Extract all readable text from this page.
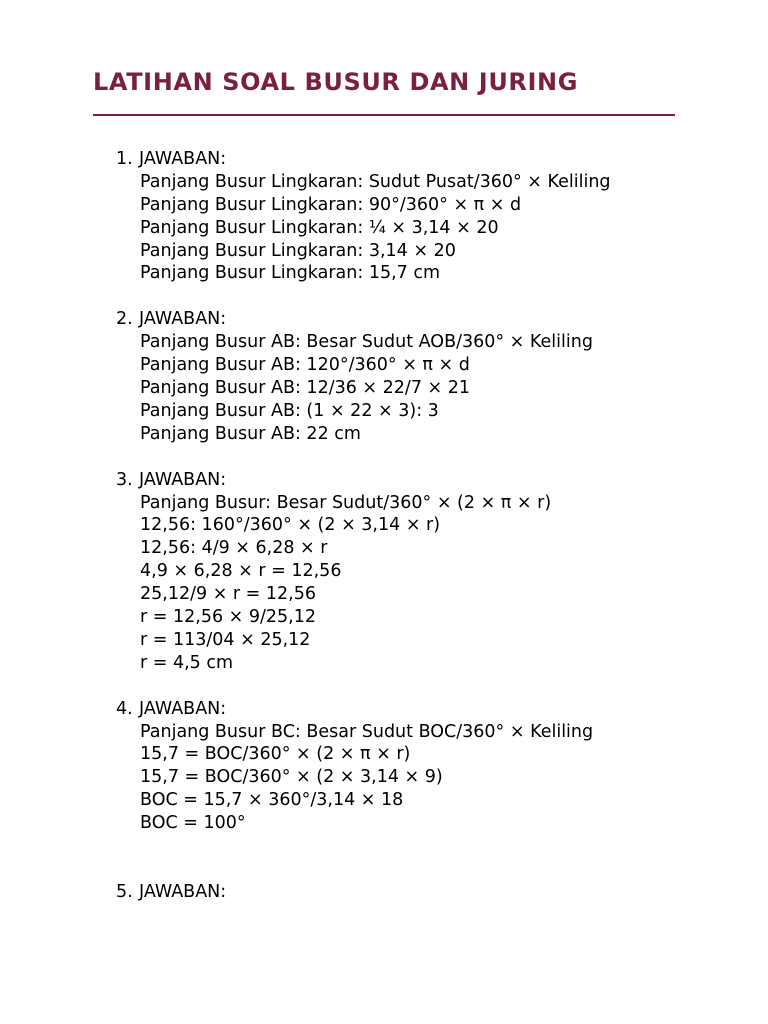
LATIHAN SOAL BUSUR DAN JURING
1. JAWABAN:
Panjang Busur Lingkaran: Sudut Pusat/360° × Keliling
Panjang Busur Lingkaran: 90°/360° × π × d
Panjang Busur Lingkaran: ¼ × 3,14 × 20
Panjang Busur Lingkaran: 3,14 × 20
Panjang Busur Lingkaran: 15,7 cm
2. JAWABAN:
Panjang Busur AB: Besar Sudut AOB/360° × Keliling
Panjang Busur AB: 120°/360° × π × d
Panjang Busur AB: 12/36 × 22/7 × 21
Panjang Busur AB: (1 × 22 × 3): 3
Panjang Busur AB: 22 cm
3. JAWABAN:
Panjang Busur: Besar Sudut/360° × (2 × π × r)
12,56: 160°/360° × (2 × 3,14 × r)
12,56: 4/9 × 6,28 × r
4,9 × 6,28 × r = 12,56
25,12/9 × r = 12,56
r = 12,56 × 9/25,12
r = 113/04 × 25,12
r = 4,5 cm
4. JAWABAN:
Panjang Busur BC: Besar Sudut BOC/360° × Keliling
15,7 = BOC/360° × (2 × π × r)
15,7 = BOC/360° × (2 × 3,14 × 9)
BOC = 15,7 × 360°/3,14 × 18
BOC = 100°
5. JAWABAN:
